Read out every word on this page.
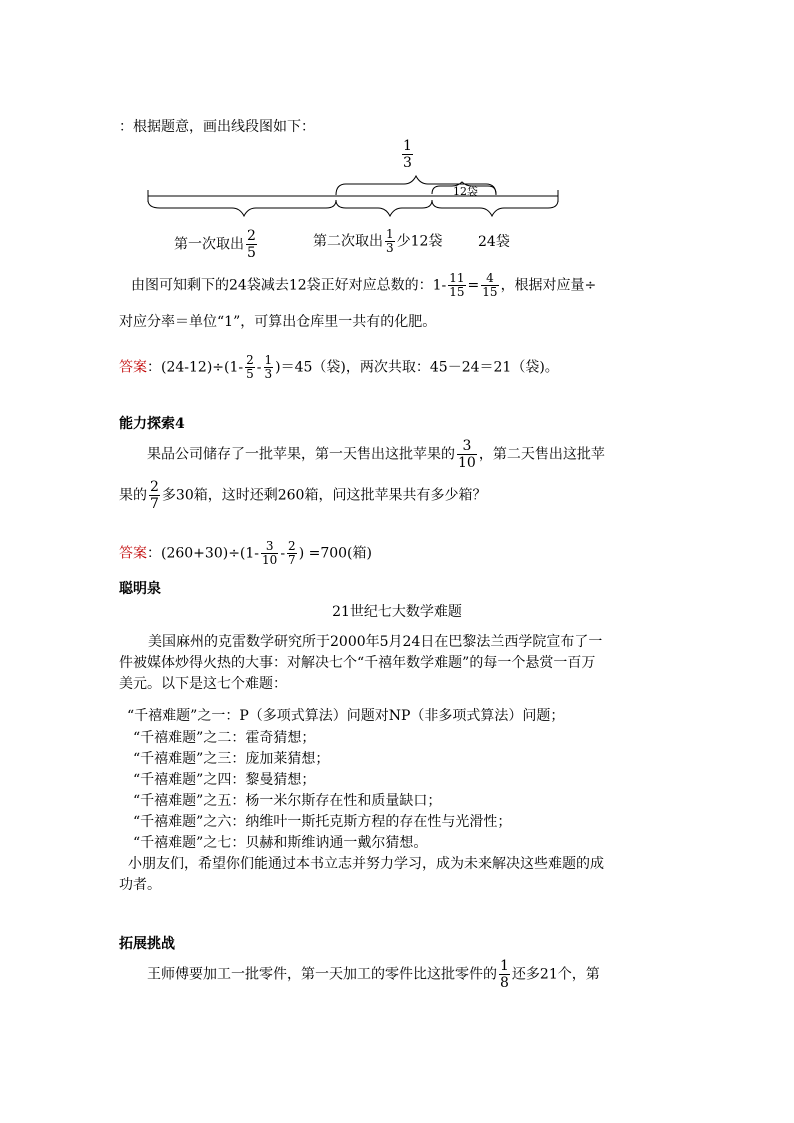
：根据题意，画出线段图如下：
$\frac{1}{3}$
12袋
第一次取出 $\frac{2}{5}$	第二次取出 $\frac{1}{3}$ 少12袋	24袋
由图可知剩下的24袋减去12袋正好对应总数的：$1- \frac{11}{15} = \frac{4}{15}$ ，根据对应量÷
对应分率＝单位“1”，可算出仓库里一共有的化肥。
答案：$(24-12)\div(1- \frac{2}{5} - \frac{1}{3} )=45$（袋)，两次共取：45－24＝21（袋)。
能力探索4
果品公司储存了一批苹果，第一天售出这批苹果的 $\frac{3}{10}$ ，第二天售出这批苹
果的 $\frac{2}{7}$ 多30箱，这时还剩260箱，问这批苹果共有多少箱？
答案：$(260+30)\div(1- \frac{3}{10} - \frac{2}{7}$ ) =700(箱)
聪明泉
21世纪七大数学难题
美国麻州的克雷数学研究所于2000年5月24日在巴黎法兰西学院宣布了一
件被媒体炒得火热的大事：对解决七个“千禧年数学难题”的每一个悬赏一百万
美元。以下是这七个难题：
“千禧难题”之一：P（多项式算法）问题对NP（非多项式算法）问题；
“千禧难题”之二：霍奇猜想；
“千禧难题”之三：庞加莱猜想；
“千禧难题”之四：黎曼猜想；
“千禧难题”之五：杨一米尔斯存在性和质量缺口；
“千禧难题”之六：纳维叶一斯托克斯方程的存在性与光滑性；
“千禧难题”之七：贝赫和斯维讷通一戴尔猜想。
小朋友们，希望你们能通过本书立志并努力学习，成为未来解决这些难题的成
功者。
拓展挑战
王师傅要加工一批零件，第一天加工的零件比这批零件的 $\frac{1}{8}$ 还多21个，第
